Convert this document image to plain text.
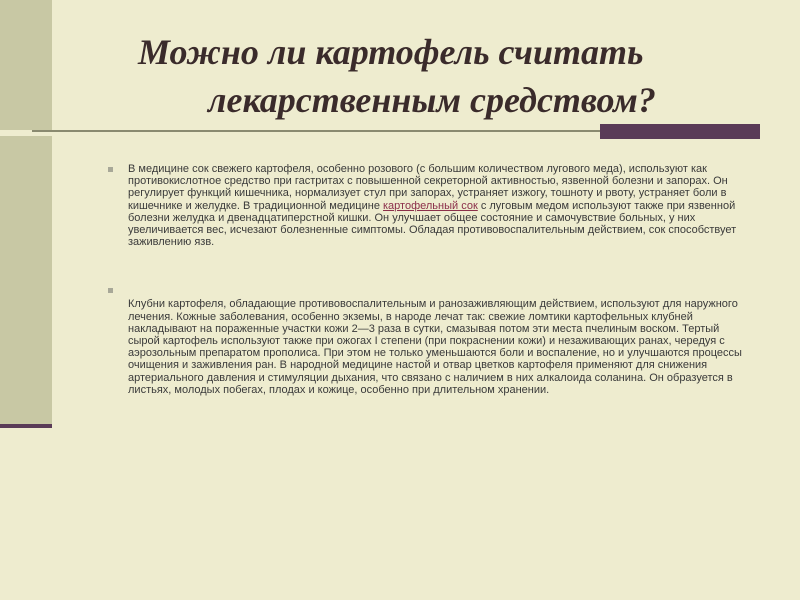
Можно ли картофель считать
лекарственным средством?

В медицине сок свежего картофеля, особенно розового (с большим количеством лугового меда), используют как противокислотное средство при гастритах с повышенной секреторной активностью, язвенной болезни и запорах. Он регулирует функций кишечника, нормализует стул при запорах, устраняет изжогу, тошноту и рвоту, устраняет боли в кишечнике и желудке. В традиционной медицине картофельный сок с луговым медом используют также при язвенной болезни желудка и двенадцатиперстной кишки. Он улучшает общее состояние и самочувствие больных, у них увеличивается вес, исчезают болезненные симптомы. Обладая противовоспалительным действием, сок способствует заживлению язв.

Клубни картофеля, обладающие противовоспалительным и ранозаживляющим действием, используют для наружного лечения. Кожные заболевания, особенно экземы, в народе лечат так: свежие ломтики картофельных клубней накладывают на пораженные участки кожи 2—3 раза в сутки, смазывая потом эти места пчелиным воском. Тертый сырой картофель используют также при ожогах I степени (при покраснении кожи) и незаживающих ранах, чередуя с аэрозольным препаратом прополиса. При этом не только уменьшаются боли и воспаление, но и улучшаются процессы очищения и заживления ран. В народной медицине настой и отвар цветков картофеля применяют для снижения артериального давления и стимуляции дыхания, что связано с наличием в них алкалоида соланина. Он образуется в листьях, молодых побегах, плодах и кожице, особенно при длительном хранении.
